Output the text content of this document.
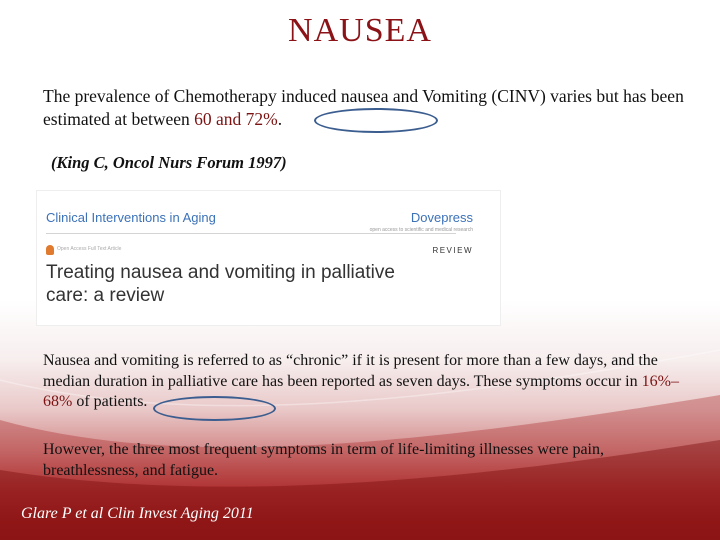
NAUSEA
The prevalence of Chemotherapy induced nausea and Vomiting (CINV) varies but has been estimated at between 60 and 72%.
(King C, Oncol Nurs Forum 1997)
Clinical Interventions in Aging	Dovepress
open access to scientific and medical research
Open Access Full Text Article	REVIEW
Treating nausea and vomiting in palliative care: a review
Nausea and vomiting is referred to as “chronic” if it is present for more than a few days, and the median duration in palliative care has been reported as seven days. These symptoms occur in 16%–68% of patients.
However, the three most frequent symptoms in term of life-limiting illnesses were pain, breathlessness, and fatigue.
Glare P et al Clin Invest Aging 2011
